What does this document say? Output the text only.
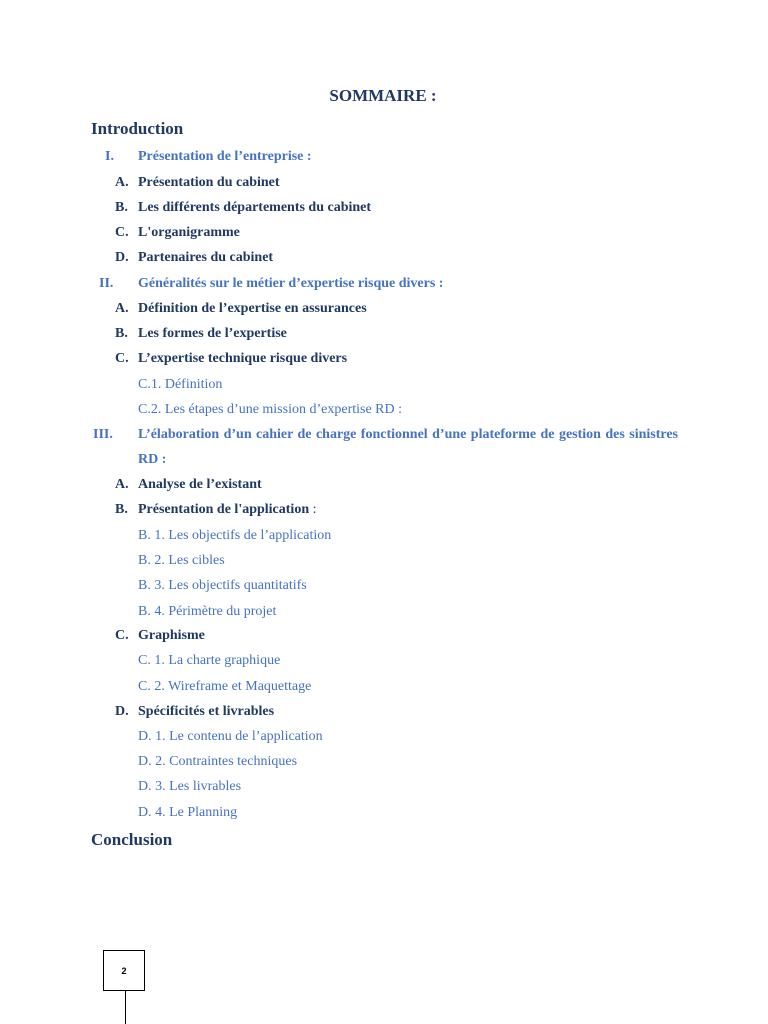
SOMMAIRE :
Introduction
I. Présentation de l’entreprise :
A. Présentation du cabinet
B. Les différents départements du cabinet
C. L'organigramme
D. Partenaires du cabinet
II. Généralités sur le métier d’expertise risque divers :
A. Définition de l’expertise en assurances
B. Les formes de l’expertise
C. L’expertise technique risque divers
C.1. Définition
C.2. Les étapes d’une mission d’expertise RD :
III. L’élaboration d’un cahier de charge fonctionnel d’une plateforme de gestion des sinistres RD :
A. Analyse de l’existant
B. Présentation de l'application :
B. 1. Les objectifs de l’application
B. 2. Les cibles
B. 3. Les objectifs quantitatifs
B. 4. Périmètre du projet
C. Graphisme
C. 1. La charte graphique
C. 2. Wireframe et Maquettage
D. Spécificités et livrables
D. 1. Le contenu de l’application
D. 2. Contraintes techniques
D. 3. Les livrables
D. 4. Le Planning
Conclusion
2
